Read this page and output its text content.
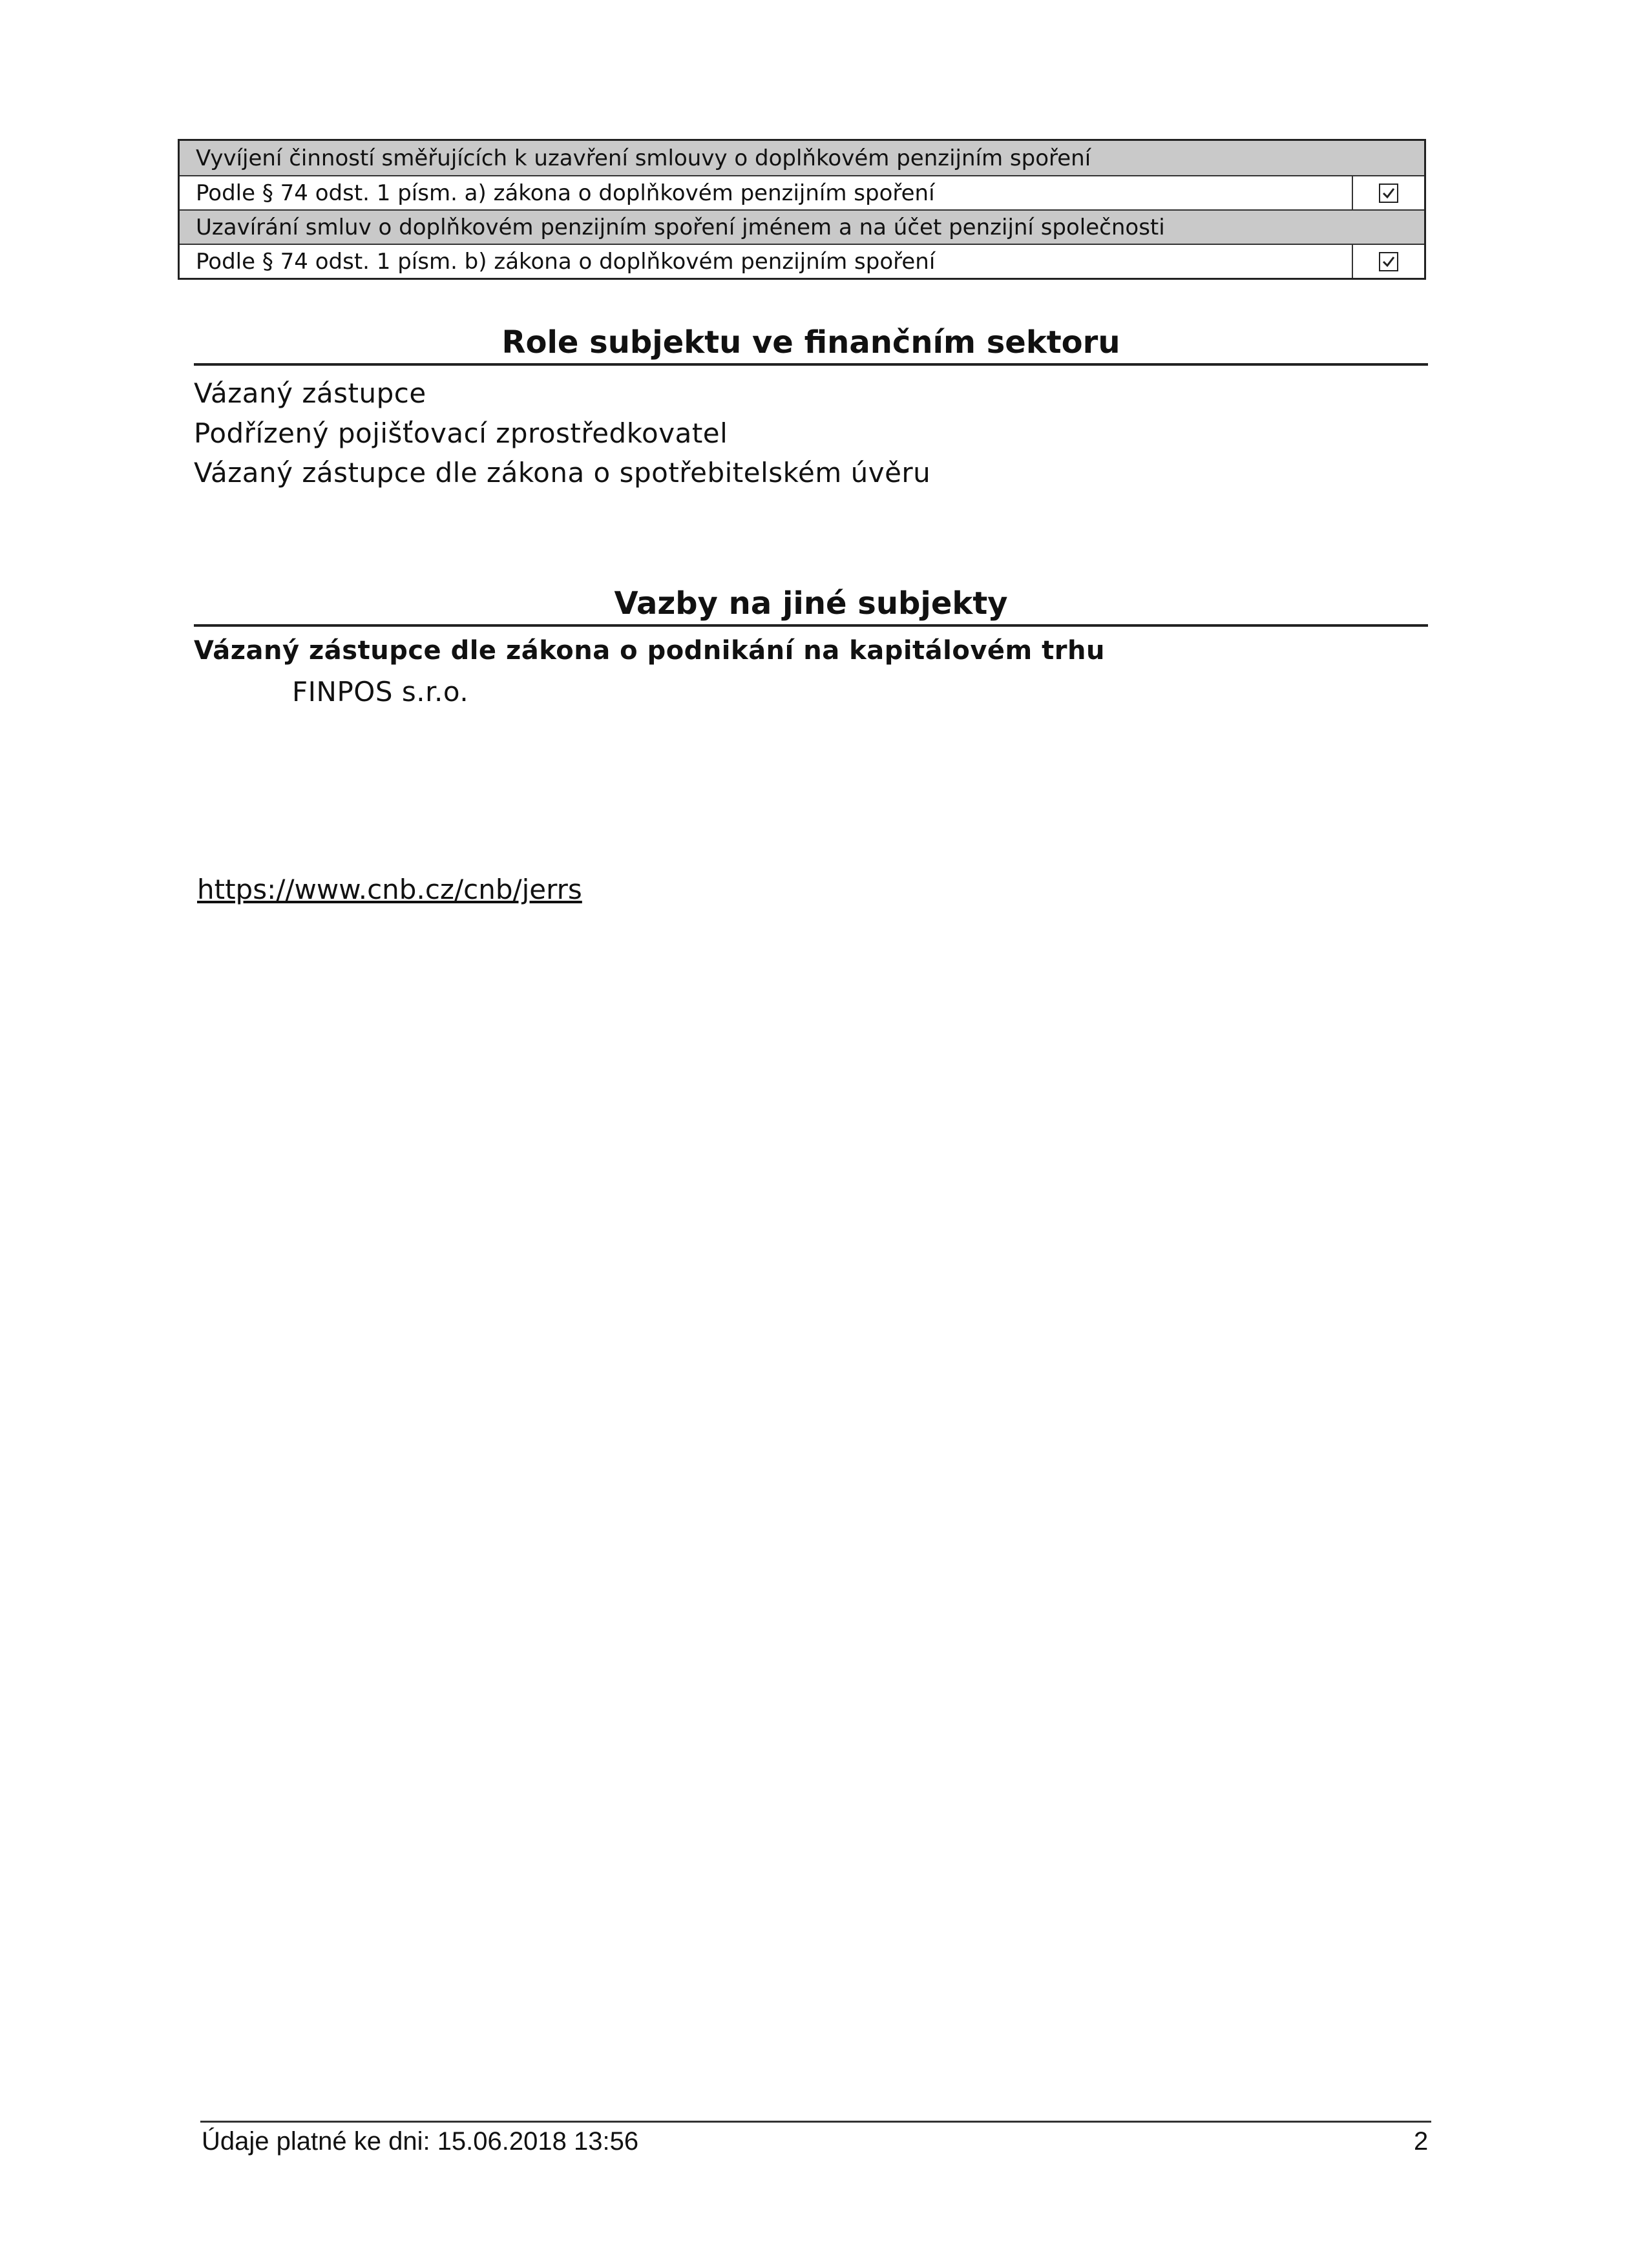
Vyvíjení činností směřujících k uzavření smlouvy o doplňkovém penzijním spoření
Podle § 74 odst. 1 písm. a) zákona o doplňkovém penzijním spoření
Uzavírání smluv o doplňkovém penzijním spoření jménem a na účet penzijní společnosti
Podle § 74 odst. 1 písm. b) zákona o doplňkovém penzijním spoření
Role subjektu ve finančním sektoru
Vázaný zástupce
Podřízený pojišťovací zprostředkovatel
Vázaný zástupce dle zákona o spotřebitelském úvěru
Vazby na jiné subjekty
Vázaný zástupce dle zákona o podnikání na kapitálovém trhu
FINPOS s.r.o.
https://www.cnb.cz/cnb/jerrs
Údaje platné ke dni: 15.06.2018 13:56	2
